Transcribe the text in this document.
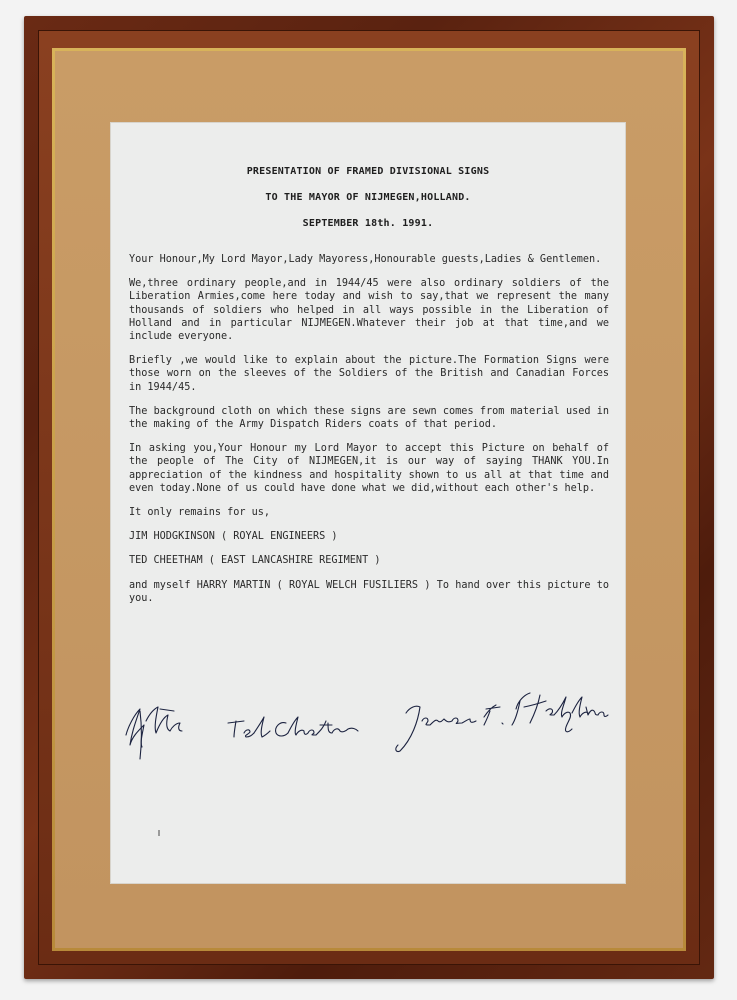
PRESENTATION OF FRAMED DIVISIONAL SIGNS
TO THE MAYOR OF NIJMEGEN,HOLLAND.
SEPTEMBER 18th. 1991.

Your Honour,My Lord Mayor,Lady Mayoress,Honourable guests,Ladies & Gentlemen.

We,three ordinary people,and in 1944/45 were also ordinary soldiers of the Liberation Armies,come here today and wish to say,that we represent the many thousands of soldiers who helped in all ways possible in the Liberation of Holland and in particular NIJMEGEN.Whatever their job at that time,and we include everyone.

Briefly ,we would like to explain about the picture.The Formation Signs were those worn on the sleeves of the Soldiers of the British and Canadian Forces in 1944/45.

The background cloth on which these signs are sewn comes from material used in the making of the Army Dispatch Riders coats of that period.

In asking you,Your Honour my Lord Mayor to accept this Picture on behalf of the people of The City of NIJMEGEN,it is our way of saying THANK YOU.In appreciation of the kindness and hospitality shown to us all at that time and even today.None of us could have done what we did,without each other's help.

It only remains for us,

JIM HODGKINSON ( ROYAL ENGINEERS )

TED CHEETHAM ( EAST LANCASHIRE REGIMENT )

and myself HARRY MARTIN ( ROYAL WELCH FUSILIERS ) To hand over this picture to you.
